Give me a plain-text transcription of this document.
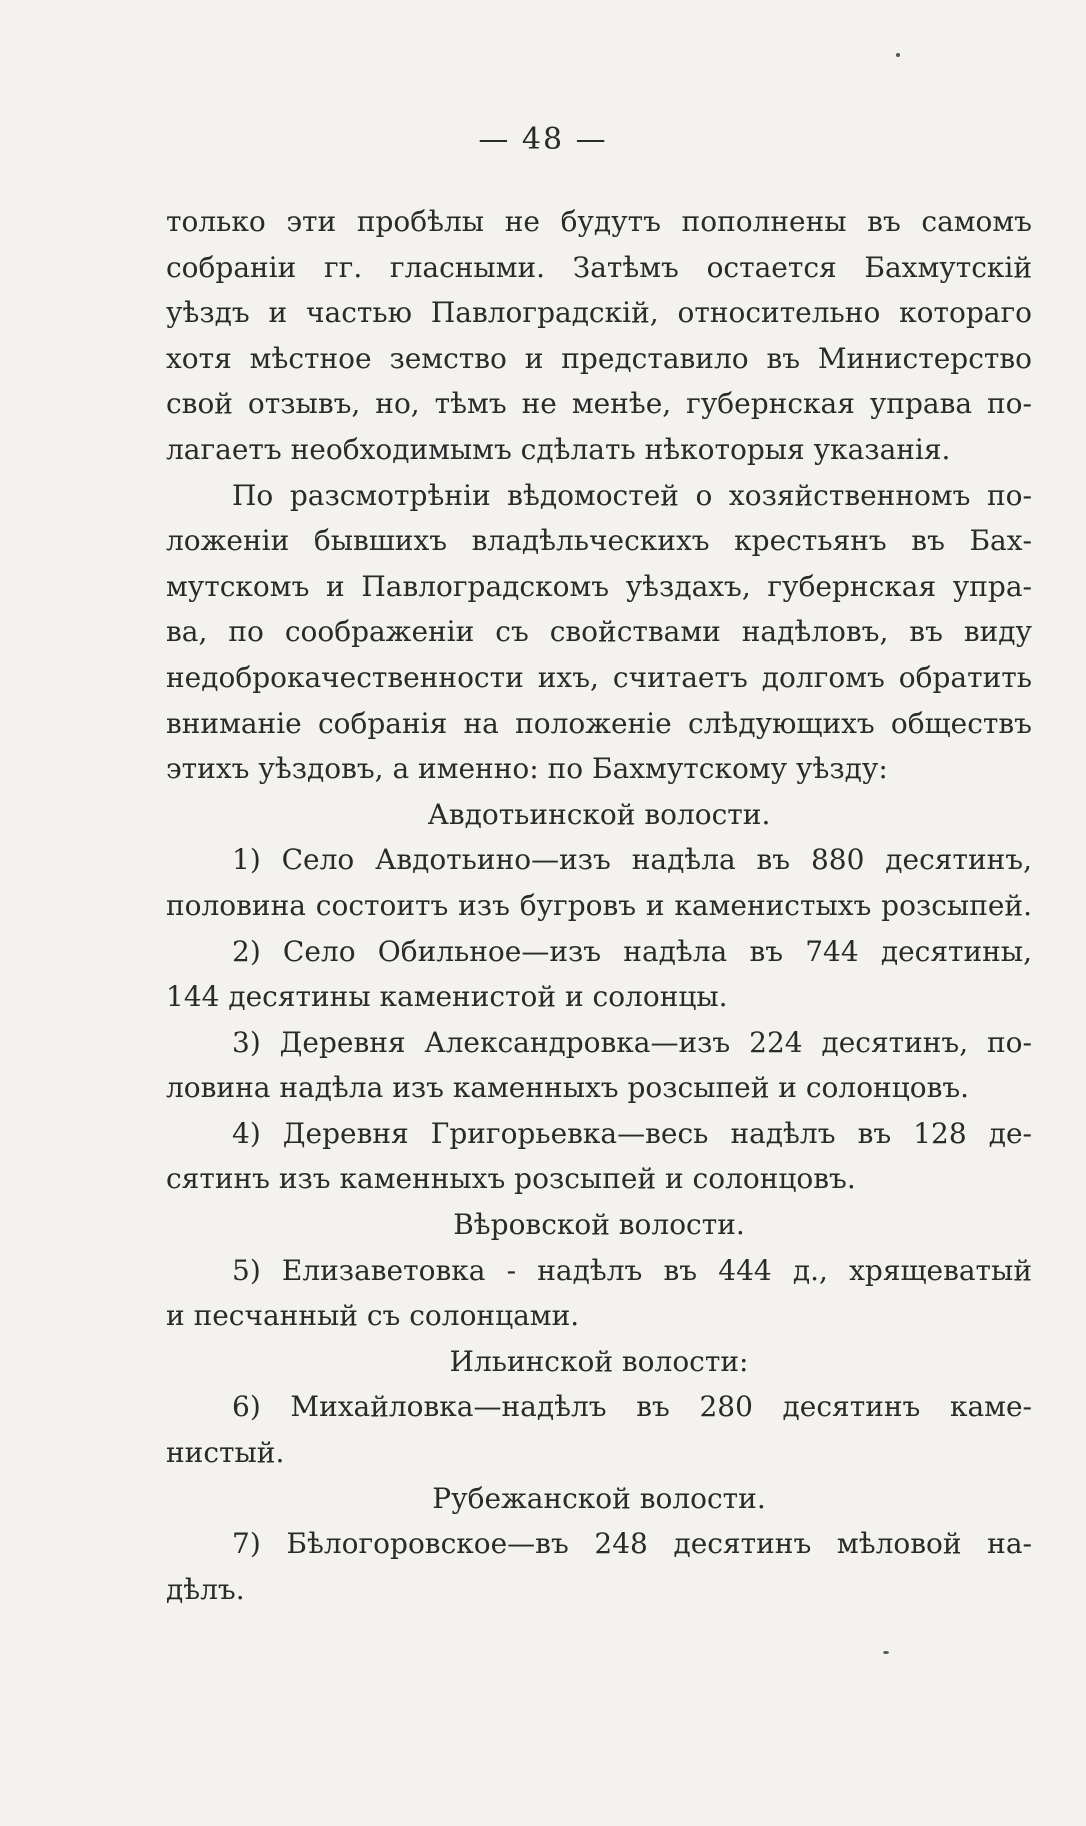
— 48 —
только эти пробѣлы не будутъ пополнены въ самомъ
собраніи гг. гласными. Затѣмъ остается Бахмутскій
уѣздъ и частью Павлоградскій, относительно котораго
хотя мѣстное земство и представило въ Министерство
свой отзывъ, но, тѣмъ не менѣе, губернская управа по-
лагаетъ необходимымъ сдѣлать нѣкоторыя указанія.
По разсмотрѣніи вѣдомостей о хозяйственномъ по-
ложеніи бывшихъ владѣльческихъ крестьянъ въ Бах-
мутскомъ и Павлоградскомъ уѣздахъ, губернская упра-
ва, по соображеніи съ свойствами надѣловъ, въ виду
недоброкачественности ихъ, считаетъ долгомъ обратить
вниманіе собранія на положеніе слѣдующихъ обществъ
этихъ уѣздовъ, а именно: по Бахмутскому уѣзду:
Авдотьинской волости.
1) Село Авдотьино—изъ надѣла въ 880 десятинъ,
половина состоитъ изъ бугровъ и каменистыхъ розсыпей.
2) Село Обильное—изъ надѣла въ 744 десятины,
144 десятины каменистой и солонцы.
3) Деревня Александровка—изъ 224 десятинъ, по-
ловина надѣла изъ каменныхъ розсыпей и солонцовъ.
4) Деревня Григорьевка—весь надѣлъ въ 128 де-
сятинъ изъ каменныхъ розсыпей и солонцовъ.
Вѣровской волости.
5) Елизаветовка - надѣлъ въ 444 д., хрящеватый
и песчанный съ солонцами.
Ильинской волости:
6) Михайловка—надѣлъ въ 280 десятинъ каме-
нистый.
Рубежанской волости.
7) Бѣлогоровское—въ 248 десятинъ мѣловой на-
дѣлъ.
